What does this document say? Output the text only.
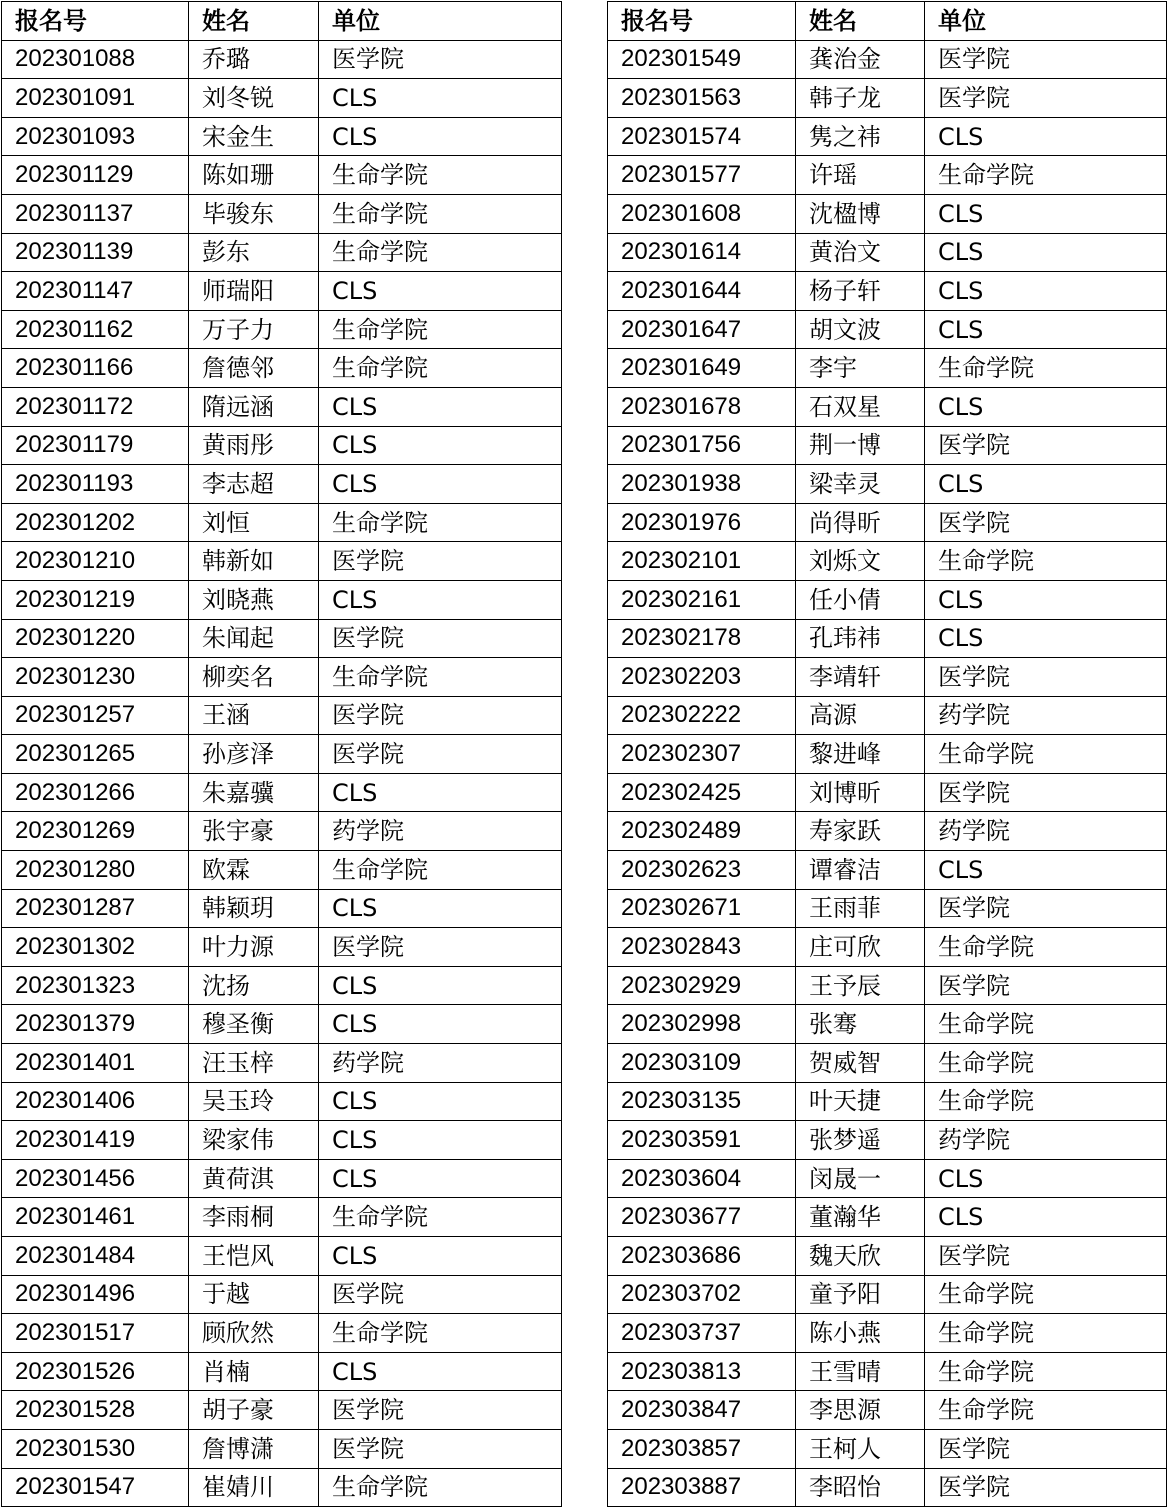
报名号	姓名	单位
202301088	乔璐	医学院
202301091	刘冬锐	CLS
202301093	宋金生	CLS
202301129	陈如珊	生命学院
202301137	毕骏东	生命学院
202301139	彭东	生命学院
202301147	师瑞阳	CLS
202301162	万子力	生命学院
202301166	詹德邻	生命学院
202301172	隋远涵	CLS
202301179	黄雨彤	CLS
202301193	李志超	CLS
202301202	刘恒	生命学院
202301210	韩新如	医学院
202301219	刘晓燕	CLS
202301220	朱闻起	医学院
202301230	柳奕名	生命学院
202301257	王涵	医学院
202301265	孙彦泽	医学院
202301266	朱嘉骥	CLS
202301269	张宇豪	药学院
202301280	欧霖	生命学院
202301287	韩颖玥	CLS
202301302	叶力源	医学院
202301323	沈扬	CLS
202301379	穆圣衡	CLS
202301401	汪玉梓	药学院
202301406	吴玉玲	CLS
202301419	梁家伟	CLS
202301456	黄荷淇	CLS
202301461	李雨桐	生命学院
202301484	王恺风	CLS
202301496	于越	医学院
202301517	顾欣然	生命学院
202301526	肖楠	CLS
202301528	胡子豪	医学院
202301530	詹博潇	医学院
202301547	崔婧川	生命学院
报名号	姓名	单位
202301549	龚治金	医学院
202301563	韩子龙	医学院
202301574	隽之祎	CLS
202301577	许瑶	生命学院
202301608	沈楹博	CLS
202301614	黄治文	CLS
202301644	杨子轩	CLS
202301647	胡文波	CLS
202301649	李宇	生命学院
202301678	石双星	CLS
202301756	荆一博	医学院
202301938	梁幸灵	CLS
202301976	尚得昕	医学院
202302101	刘烁文	生命学院
202302161	任小倩	CLS
202302178	孔玮祎	CLS
202302203	李靖轩	医学院
202302222	高源	药学院
202302307	黎进峰	生命学院
202302425	刘博昕	医学院
202302489	寿家跃	药学院
202302623	谭睿洁	CLS
202302671	王雨菲	医学院
202302843	庄可欣	生命学院
202302929	王予辰	医学院
202302998	张骞	生命学院
202303109	贺威智	生命学院
202303135	叶天捷	生命学院
202303591	张梦遥	药学院
202303604	闵晟一	CLS
202303677	董瀚华	CLS
202303686	魏天欣	医学院
202303702	童予阳	生命学院
202303737	陈小燕	生命学院
202303813	王雪晴	生命学院
202303847	李思源	生命学院
202303857	王柯人	医学院
202303887	李昭怡	医学院
